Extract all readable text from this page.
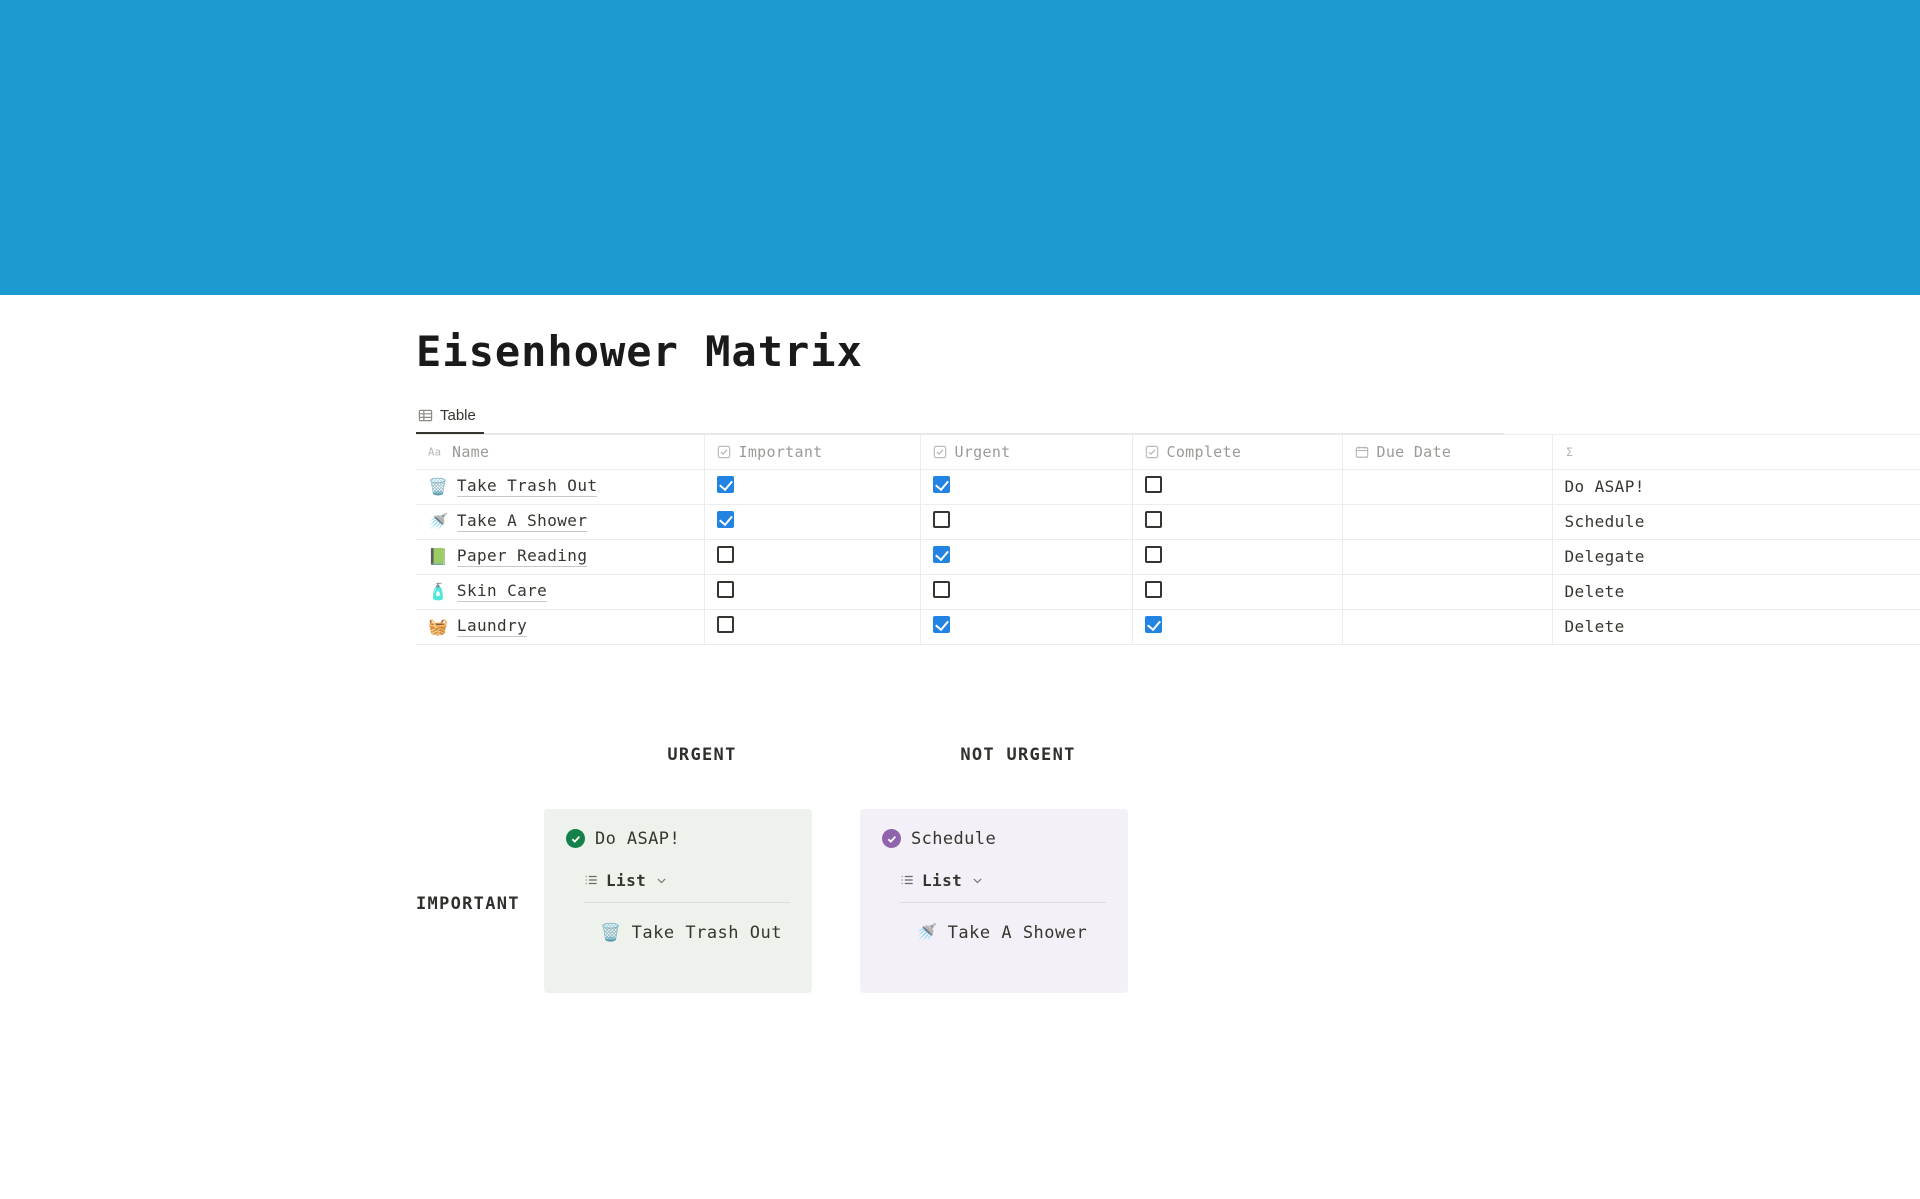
Eisenhower Matrix
Table
Aa Name	Important	Urgent	Complete	Due Date	Σ

🗑️ Take Trash Out					Do ASAP!

🚿 Take A Shower					Schedule

📗 Paper Reading					Delegate

🧴 Skin Care					Delete

🧺 Laundry					Delete
URGENT	NOT URGENT
IMPORTANT
Do ASAP!
List
🗑️ Take Trash Out
Schedule
List
🚿 Take A Shower
